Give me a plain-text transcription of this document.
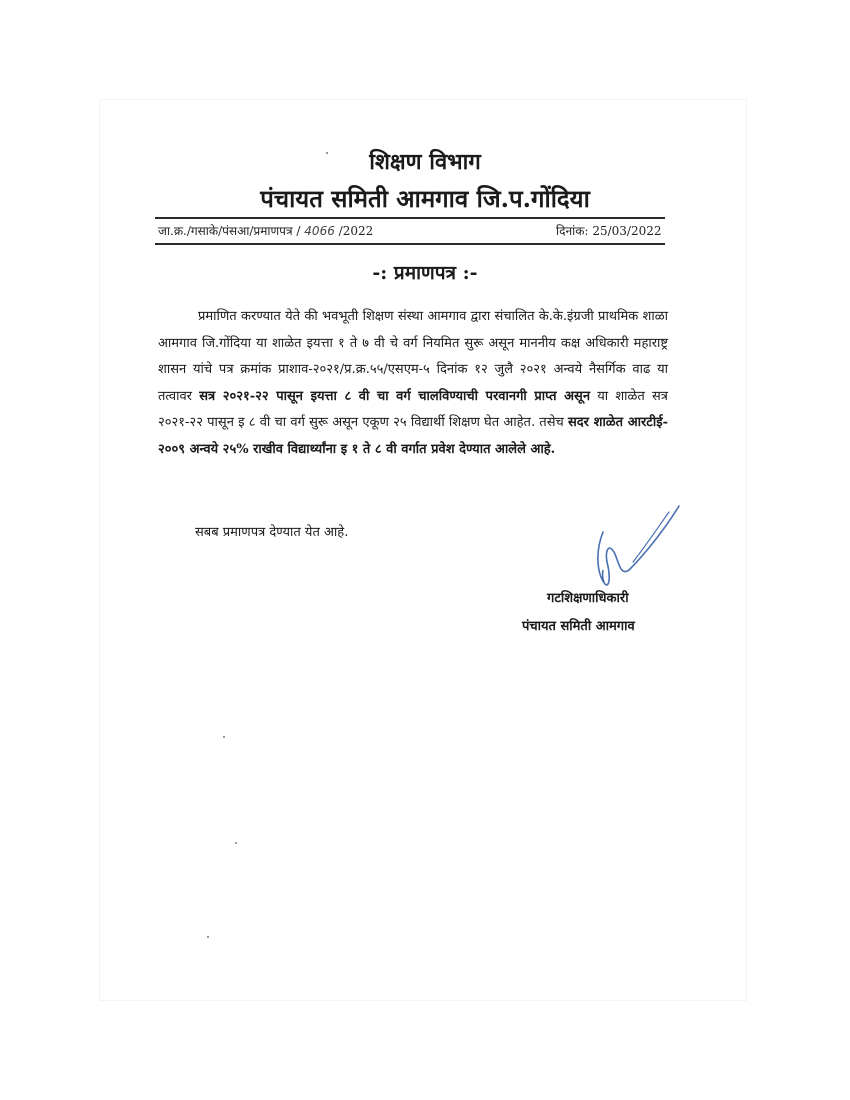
शिक्षण विभाग
पंचायत समिती आमगाव जि.प.गोंदिया
जा.क्र./गसाके/पंसआ/प्रमाणपत्र / 4066 /2022	दिनांक: 25/03/2022
-: प्रमाणपत्र :-
प्रमाणित करण्यात येते की भवभूती शिक्षण संस्था आमगाव द्वारा संचालित के.के.इंग्रजी प्राथमिक शाळा आमगाव जि.गोंदिया या शाळेत इयत्ता १ ते ७ वी चे वर्ग नियमित सुरू असून माननीय कक्ष अधिकारी महाराष्ट्र शासन यांचे पत्र क्रमांक प्राशाव-२०२१/प्र.क्र.५५/एसएम-५ दिनांक १२ जुलै २०२१ अन्वये नैसर्गिक वाढ या तत्वावर सत्र २०२१-२२ पासून इयत्ता ८ वी चा वर्ग चालविण्याची परवानगी प्राप्त असून या शाळेत सत्र २०२१-२२ पासून इ ८ वी चा वर्ग सुरू असून एकूण २५ विद्यार्थी शिक्षण घेत आहेत. तसेच सदर शाळेत आरटीई- २००९ अन्वये २५% राखीव विद्यार्थ्यांना इ १ ते ८ वी वर्गात प्रवेश देण्यात आलेले आहे.
सबब प्रमाणपत्र देण्यात येत आहे.
गटशिक्षणाधिकारी
पंचायत समिती आमगाव
